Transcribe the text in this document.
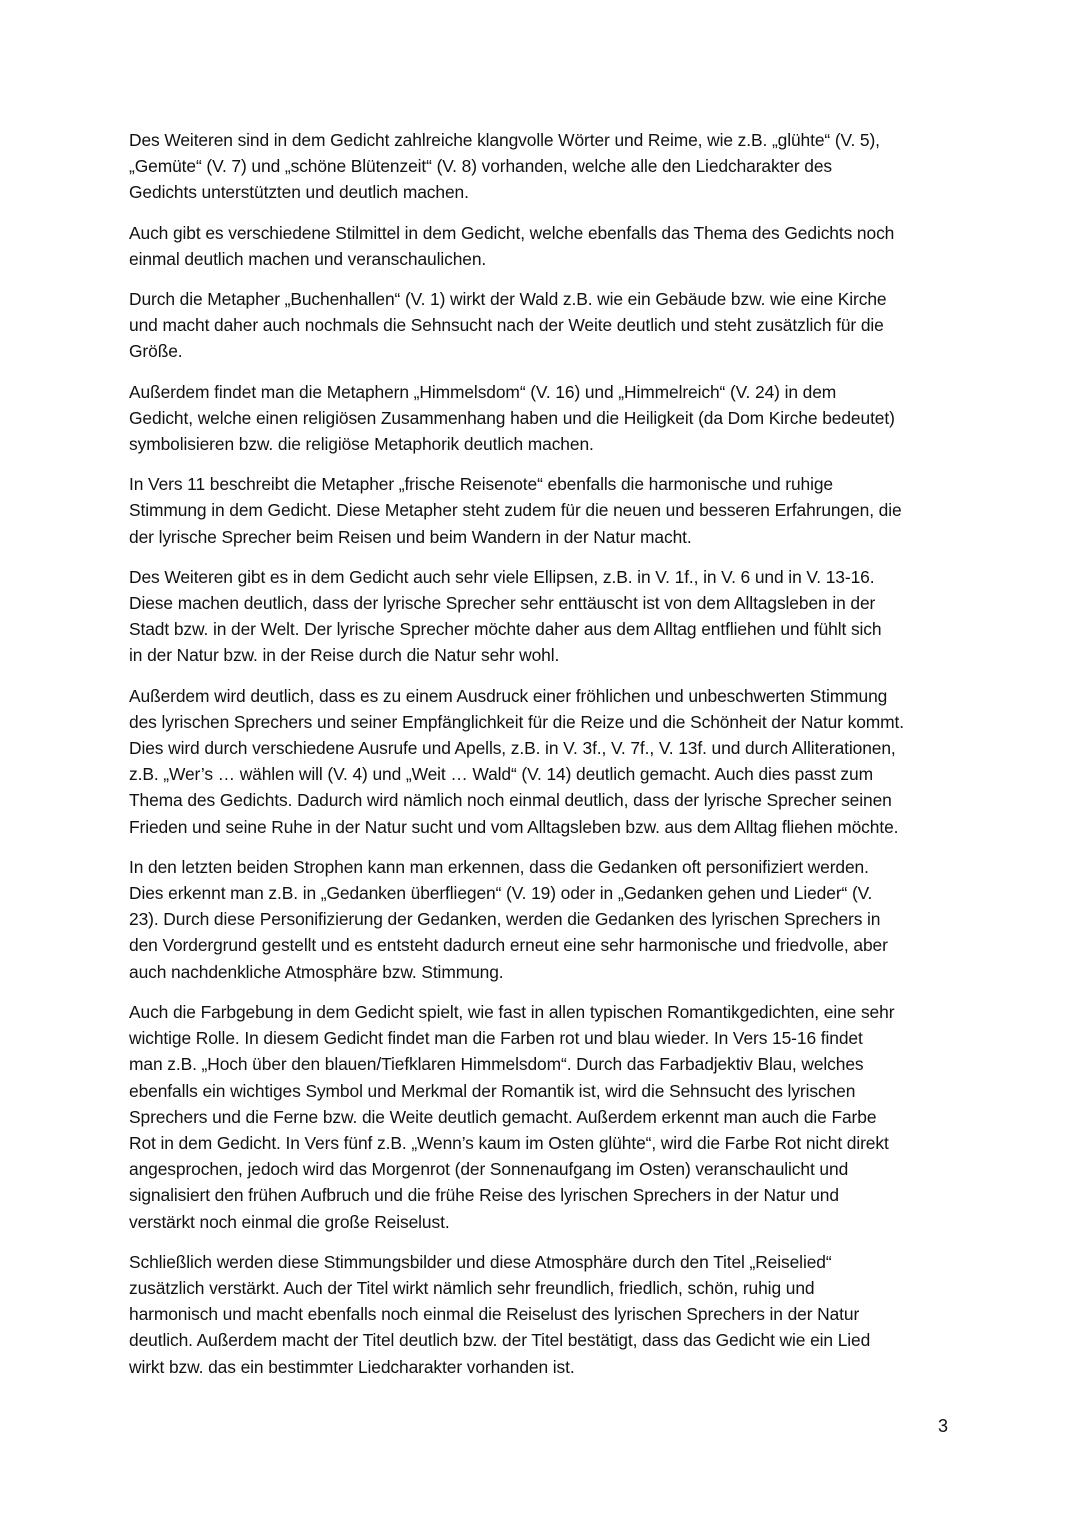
Des Weiteren sind in dem Gedicht zahlreiche klangvolle Wörter und Reime, wie z.B. „glühte“ (V. 5),
„Gemüte“ (V. 7) und „schöne Blütenzeit“ (V. 8) vorhanden, welche alle den Liedcharakter des
Gedichts unterstützten und deutlich machen.

Auch gibt es verschiedene Stilmittel in dem Gedicht, welche ebenfalls das Thema des Gedichts noch
einmal deutlich machen und veranschaulichen.

Durch die Metapher „Buchenhallen“ (V. 1) wirkt der Wald z.B. wie ein Gebäude bzw. wie eine Kirche
und macht daher auch nochmals die Sehnsucht nach der Weite deutlich und steht zusätzlich für die
Größe.

Außerdem findet man die Metaphern „Himmelsdom“ (V. 16) und „Himmelreich“ (V. 24) in dem
Gedicht, welche einen religiösen Zusammenhang haben und die Heiligkeit (da Dom Kirche bedeutet)
symbolisieren bzw. die religiöse Metaphorik deutlich machen.

In Vers 11 beschreibt die Metapher „frische Reisenote“ ebenfalls die harmonische und ruhige
Stimmung in dem Gedicht. Diese Metapher steht zudem für die neuen und besseren Erfahrungen, die
der lyrische Sprecher beim Reisen und beim Wandern in der Natur macht.

Des Weiteren gibt es in dem Gedicht auch sehr viele Ellipsen, z.B. in V. 1f., in V. 6 und in V. 13-16.
Diese machen deutlich, dass der lyrische Sprecher sehr enttäuscht ist von dem Alltagsleben in der
Stadt bzw. in der Welt. Der lyrische Sprecher möchte daher aus dem Alltag entfliehen und fühlt sich
in der Natur bzw. in der Reise durch die Natur sehr wohl.

Außerdem wird deutlich, dass es zu einem Ausdruck einer fröhlichen und unbeschwerten Stimmung
des lyrischen Sprechers und seiner Empfänglichkeit für die Reize und die Schönheit der Natur kommt.
Dies wird durch verschiedene Ausrufe und Apells, z.B. in V. 3f., V. 7f., V. 13f. und durch Alliterationen,
z.B. „Wer’s … wählen will (V. 4) und „Weit … Wald“ (V. 14) deutlich gemacht. Auch dies passt zum
Thema des Gedichts. Dadurch wird nämlich noch einmal deutlich, dass der lyrische Sprecher seinen
Frieden und seine Ruhe in der Natur sucht und vom Alltagsleben bzw. aus dem Alltag fliehen möchte.

In den letzten beiden Strophen kann man erkennen, dass die Gedanken oft personifiziert werden.
Dies erkennt man z.B. in „Gedanken überfliegen“ (V. 19) oder in „Gedanken gehen und Lieder“ (V.
23). Durch diese Personifizierung der Gedanken, werden die Gedanken des lyrischen Sprechers in
den Vordergrund gestellt und es entsteht dadurch erneut eine sehr harmonische und friedvolle, aber
auch nachdenkliche Atmosphäre bzw. Stimmung.

Auch die Farbgebung in dem Gedicht spielt, wie fast in allen typischen Romantikgedichten, eine sehr
wichtige Rolle. In diesem Gedicht findet man die Farben rot und blau wieder. In Vers 15-16 findet
man z.B. „Hoch über den blauen/Tiefklaren Himmelsdom“. Durch das Farbadjektiv Blau, welches
ebenfalls ein wichtiges Symbol und Merkmal der Romantik ist, wird die Sehnsucht des lyrischen
Sprechers und die Ferne bzw. die Weite deutlich gemacht. Außerdem erkennt man auch die Farbe
Rot in dem Gedicht. In Vers fünf z.B. „Wenn’s kaum im Osten glühte“, wird die Farbe Rot nicht direkt
angesprochen, jedoch wird das Morgenrot (der Sonnenaufgang im Osten) veranschaulicht und
signalisiert den frühen Aufbruch und die frühe Reise des lyrischen Sprechers in der Natur und
verstärkt noch einmal die große Reiselust.

Schließlich werden diese Stimmungsbilder und diese Atmosphäre durch den Titel „Reiselied“
zusätzlich verstärkt. Auch der Titel wirkt nämlich sehr freundlich, friedlich, schön, ruhig und
harmonisch und macht ebenfalls noch einmal die Reiselust des lyrischen Sprechers in der Natur
deutlich. Außerdem macht der Titel deutlich bzw. der Titel bestätigt, dass das Gedicht wie ein Lied
wirkt bzw. das ein bestimmter Liedcharakter vorhanden ist.

3
